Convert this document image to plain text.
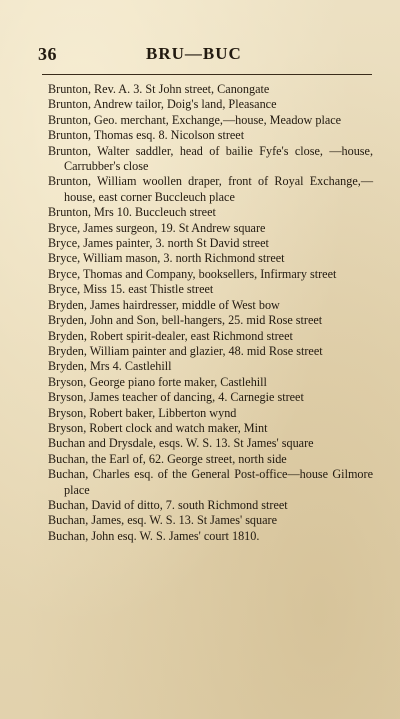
36	BRU—BUC
Brunton, Rev. A. 3. St John street, Canongate
Brunton, Andrew tailor, Doig's land, Pleasance
Brunton, Geo. merchant, Exchange,—house, Meadow place
Brunton, Thomas esq. 8. Nicolson street
Brunton, Walter saddler, head of bailie Fyfe's close, —house, Carrubber's close
Brunton, William woollen draper, front of Royal Exchange,—house, east corner Buccleuch place
Brunton, Mrs 10. Buccleuch street
Bryce, James surgeon, 19. St Andrew square
Bryce, James painter, 3. north St David street
Bryce, William mason, 3. north Richmond street
Bryce, Thomas and Company, booksellers, Infirmary street
Bryce, Miss 15. east Thistle street
Bryden, James hairdresser, middle of West bow
Bryden, John and Son, bell-hangers, 25. mid Rose street
Bryden, Robert spirit-dealer, east Richmond street
Bryden, William painter and glazier, 48. mid Rose street
Bryden, Mrs 4. Castlehill
Bryson, George piano forte maker, Castlehill
Bryson, James teacher of dancing, 4. Carnegie street
Bryson, Robert baker, Libberton wynd
Bryson, Robert clock and watch maker, Mint
Buchan and Drysdale, esqs. W. S. 13. St James' square
Buchan, the Earl of, 62. George street, north side
Buchan, Charles esq. of the General Post-office—house Gilmore place
Buchan, David of ditto, 7. south Richmond street
Buchan, James, esq. W. S. 13. St James' square
Buchan, John esq. W. S. James' court 1810.
